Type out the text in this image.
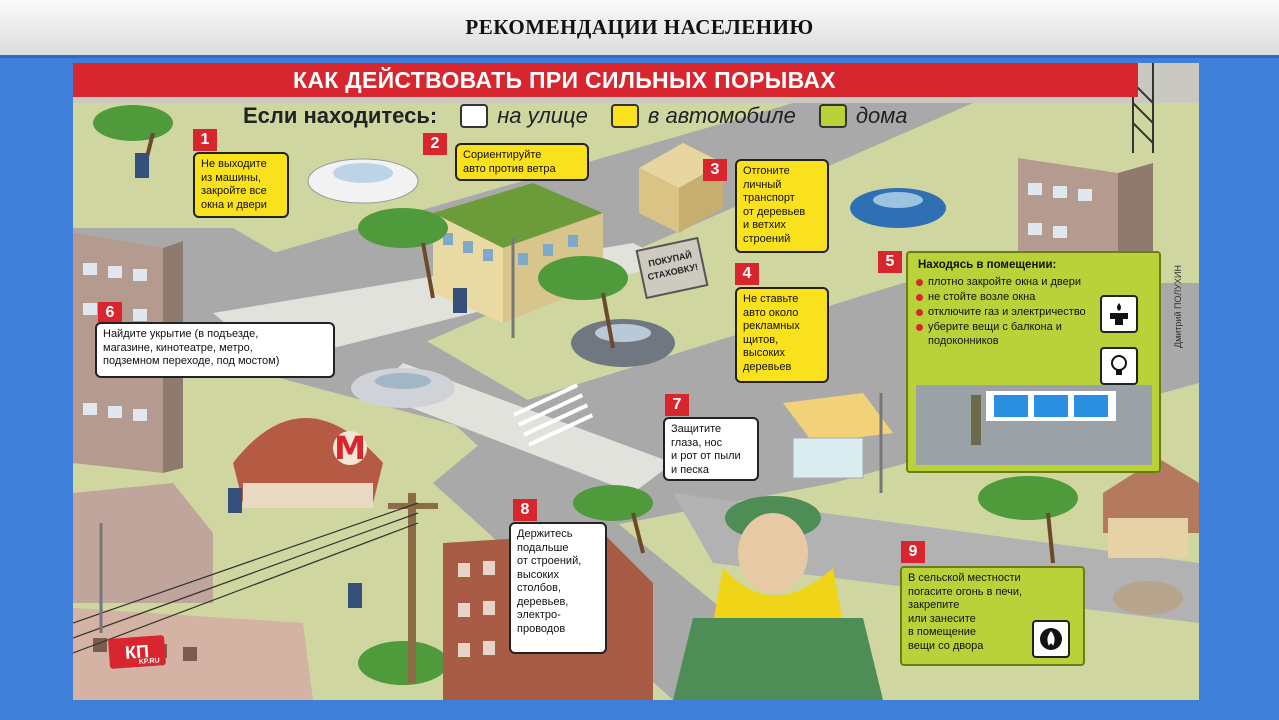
РЕКОМЕНДАЦИИ НАСЕЛЕНИЮ
КАК ДЕЙСТВОВАТЬ ПРИ СИЛЬНЫХ ПОРЫВАХ
Если находитесь:	на улице	в автомобиле	дома
1
Не выходите
из машины,
закройте все
окна и двери
2
Сориентируйте
авто против ветра	3	Отгоните
личный
транспорт
от деревьев
и ветхих
строений
4
Не ставьте
авто около
рекламных
щитов,
высоких
деревьев
5	Находясь в помещении:
плотно закройте окна и двери
не стойте возле окна
отключите газ и электричество
уберите вещи с балкона и подоконников
6
Найдите укрытие (в подъезде,
магазине, кинотеатре, метро,
подземном переходе, под мостом)
7
Защитите
глаза, нос
и рот от пыли
и песка
8
Держитесь
подальше
от строений,
высоких
столбов,
деревьев,
электро-
проводов
9
В сельской местности
погасите огонь в печи,
закрепите
или занесите
в помещение
вещи со двора
ПОКУПАЙ СТАХОВКУ!
М
Дмитрий ПОЛУХИН
КП
KP.RU
